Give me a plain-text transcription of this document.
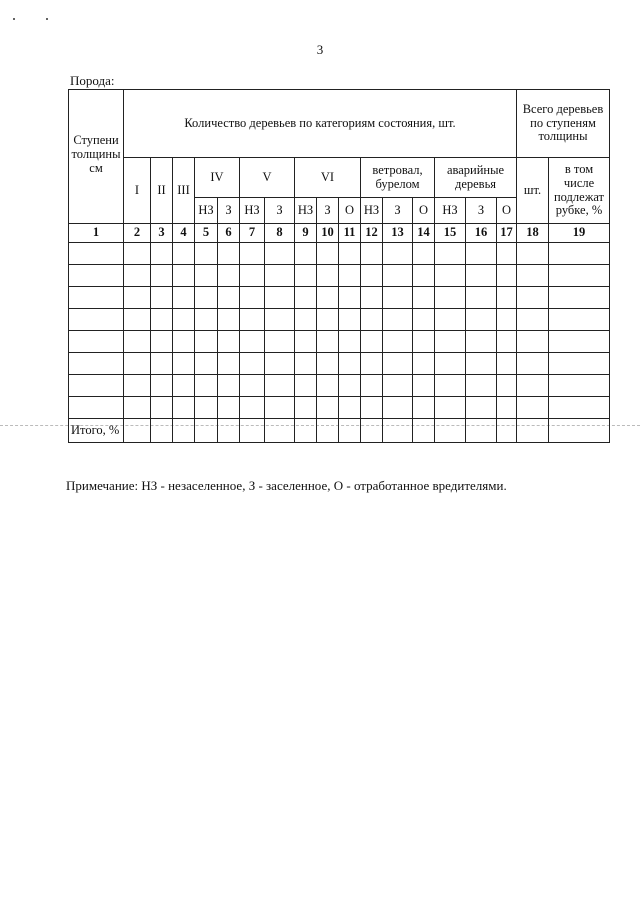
3
Порода:
Ступени толщины см	Количество деревьев по категориям состояния, шт.																Всего деревьев по ступеням толщины	
	I	II	III	IV		V		VI			ветровал, бурелом			аварийные деревья			шт.	в том числе подлежат рубке, %
				НЗ	З	НЗ	З	НЗ	З	О	НЗ	З	О	НЗ	З	О		
1	2	3	4	5	6	7	8	9	10	11	12	13	14	15	16	17	18	19

Итого, %																		
Примечание: НЗ - незаселенное, З - заселенное, О - отработанное вредителями.
